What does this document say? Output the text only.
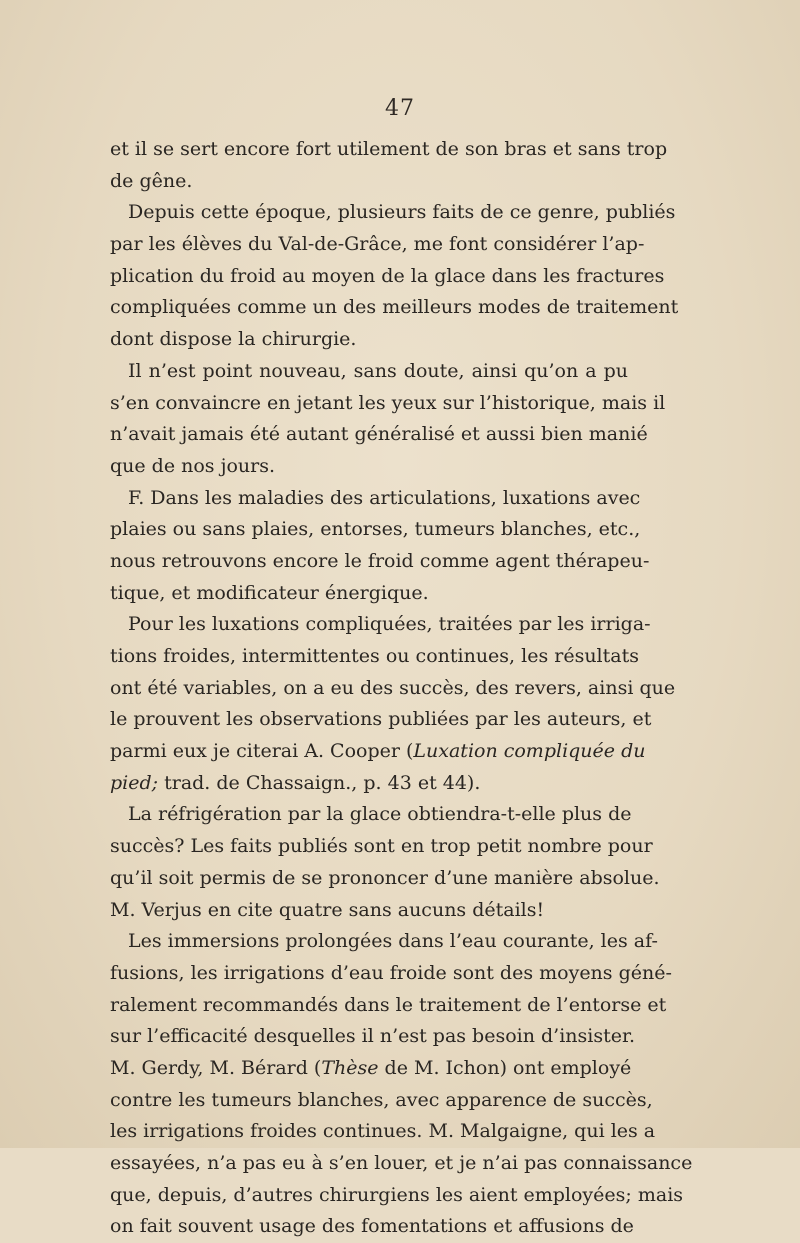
47
et il se sert encore fort utilement de son bras et sans trop
de gêne.
Depuis cette époque, plusieurs faits de ce genre, publiés
par les élèves du Val-de-Grâce, me font considérer l’ap-
plication du froid au moyen de la glace dans les fractures
compliquées comme un des meilleurs modes de traitement
dont dispose la chirurgie.
Il n’est point nouveau, sans doute, ainsi qu’on a pu
s’en convaincre en jetant les yeux sur l’historique, mais il
n’avait jamais été autant généralisé et aussi bien manié
que de nos jours.
F. Dans les maladies des articulations, luxations avec
plaies ou sans plaies, entorses, tumeurs blanches, etc.,
nous retrouvons encore le froid comme agent thérapeu-
tique, et modificateur énergique.
Pour les luxations compliquées, traitées par les irriga-
tions froides, intermittentes ou continues, les résultats
ont été variables, on a eu des succès, des revers, ainsi que
le prouvent les observations publiées par les auteurs, et
parmi eux je citerai A. Cooper (Luxation compliquée du
pied; trad. de Chassaign., p. 43 et 44).
La réfrigération par la glace obtiendra-t-elle plus de
succès? Les faits publiés sont en trop petit nombre pour
qu’il soit permis de se prononcer d’une manière absolue.
M. Verjus en cite quatre sans aucuns détails!
Les immersions prolongées dans l’eau courante, les af-
fusions, les irrigations d’eau froide sont des moyens géné-
ralement recommandés dans le traitement de l’entorse et
sur l’efficacité desquelles il n’est pas besoin d’insister.
M. Gerdy, M. Bérard (Thèse de M. Ichon) ont employé
contre les tumeurs blanches, avec apparence de succès,
les irrigations froides continues. M. Malgaigne, qui les a
essayées, n’a pas eu à s’en louer, et je n’ai pas connaissance
que, depuis, d’autres chirurgiens les aient employées; mais
on fait souvent usage des fomentations et affusions de
